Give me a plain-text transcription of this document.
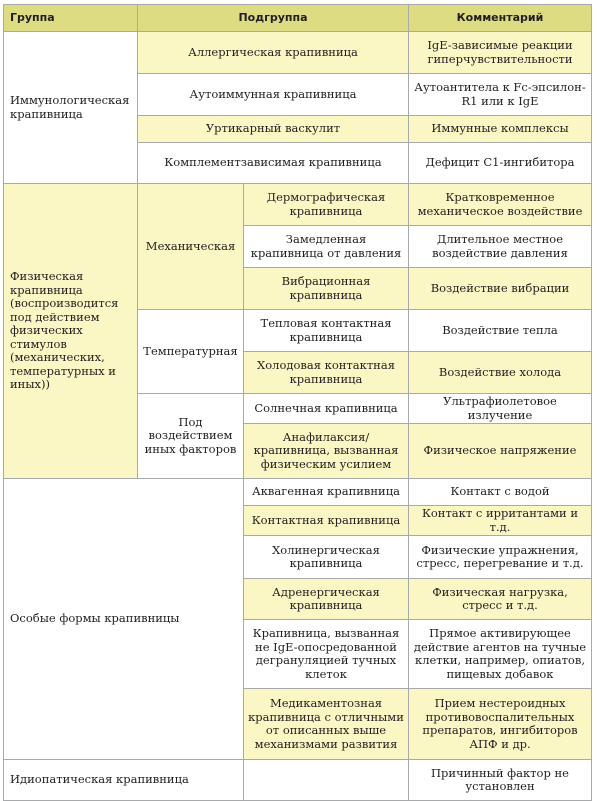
Группа	Подгруппа		Комментарий
Иммунологическая крапивница	Аллергическая крапивница		IgE-зависимые реакции гиперчувствительности
	Аутоиммунная крапивница		Аутоантитела к Fc-эпсилон-R1 или к IgE
	Уртикарный васкулит		Иммунные комплексы
	Комплементзависимая крапивница		Дефицит C1-ингибитора
Физическая крапивница (воспроизводится под действием физических стимулов (механических, температурных и иных))	Механическая	Дермографическая крапивница	Кратковременное механическое воздействие
		Замедленная крапивница от давления	Длительное местное воздействие давления
		Вибрационная крапивница	Воздействие вибрации
	Температурная	Тепловая контактная крапивница	Воздействие тепла
		Холодовая контактная крапивница	Воздействие холода
	Под воздействием иных факторов	Солнечная крапивница	Ультрафиолетовое излучение
		Анафилаксия/ крапивница, вызванная физическим усилием	Физическое напряжение
Особые формы крапивницы		Аквагенная крапивница	Контакт с водой
		Контактная крапивница	Контакт с ирритантами и т.д.
		Холинергическая крапивница	Физические упражнения, стресс, перегревание и т.д.
		Адренергическая крапивница	Физическая нагрузка, стресс и т.д.
		Крапивница, вызванная не IgE-опосредованной дегрануляцией тучных клеток	Прямое активирующее действие агентов на тучные клетки, например, опиатов, пищевых добавок
		Медикаментозная крапивница с отличными от описанных выше механизмами развития	Прием нестероидных противовоспалительных препаратов, ингибиторов АПФ и др.
Идиопатическая крапивница			Причинный фактор не установлен
